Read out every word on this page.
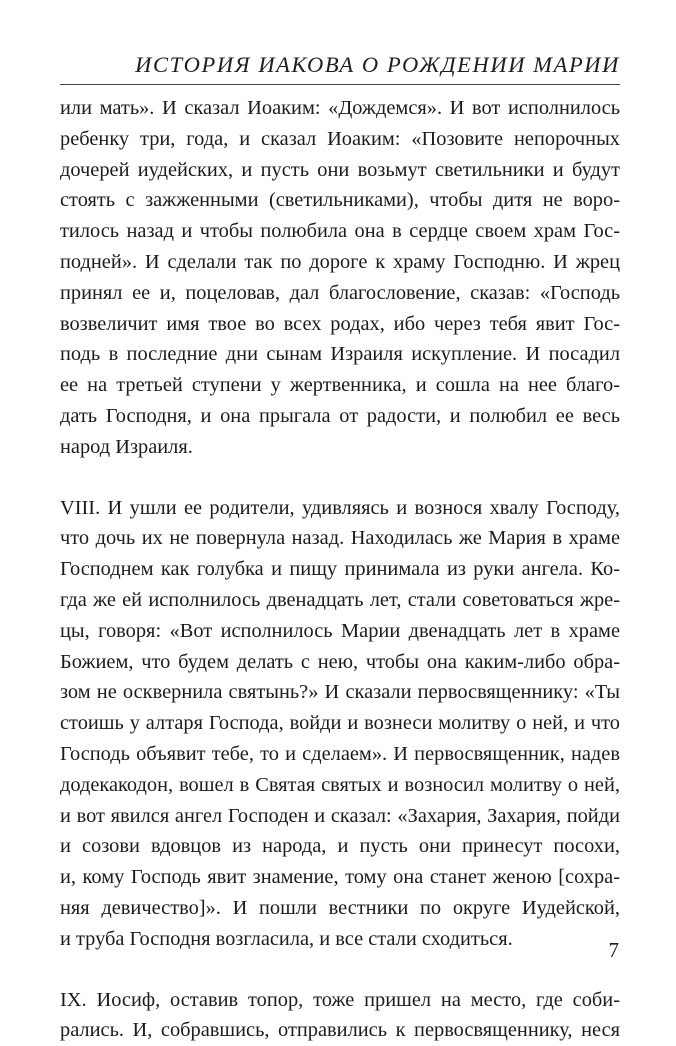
ИСТОРИЯ ИАКОВА О РОЖДЕНИИ МАРИИ
или мать». И сказал Иоаким: «Дождемся». И вот исполнилось
ребенку три, года, и сказал Иоаким: «Позовите непорочных
дочерей иудейских, и пусть они возьмут светильники и будут
стоять с зажженными (светильниками), чтобы дитя не воро-
тилось назад и чтобы полюбила она в сердце своем храм Гос-
подней». И сделали так по дороге к храму Господню. И жрец
принял ее и, поцеловав, дал благословение, сказав: «Господь
возвеличит имя твое во всех родах, ибо через тебя явит Гос-
подь в последние дни сынам Израиля искупление. И посадил
ее на третьей ступени у жертвенника, и сошла на нее благо-
дать Господня, и она прыгала от радости, и полюбил ее весь
народ Израиля.
VIII. И ушли ее родители, удивляясь и вознося хвалу Господу,
что дочь их не повернула назад. Находилась же Мария в храме
Господнем как голубка и пищу принимала из руки ангела. Ко-
гда же ей исполнилось двенадцать лет, стали советоваться жре-
цы, говоря: «Вот исполнилось Марии двенадцать лет в храме
Божием, что будем делать с нею, чтобы она каким-либо обра-
зом не осквернила святынь?» И сказали первосвященнику: «Ты
стоишь у алтаря Господа, войди и вознеси молитву о ней, и что
Господь объявит тебе, то и сделаем». И первосвященник, надев
додекакодон, вошел в Святая святых и возносил молитву о ней,
и вот явился ангел Господен и сказал: «Захария, Захария, пойди
и созови вдовцов из народа, и пусть они принесут посохи,
и, кому Господь явит знамение, тому она станет женою [сохра-
няя девичество]». И пошли вестники по округе Иудейской,
и труба Господня возгласила, и все стали сходиться.
IX. Иосиф, оставив топор, тоже пришел на место, где соби-
рались. И, собравшись, отправились к первосвященнику, неся
7
